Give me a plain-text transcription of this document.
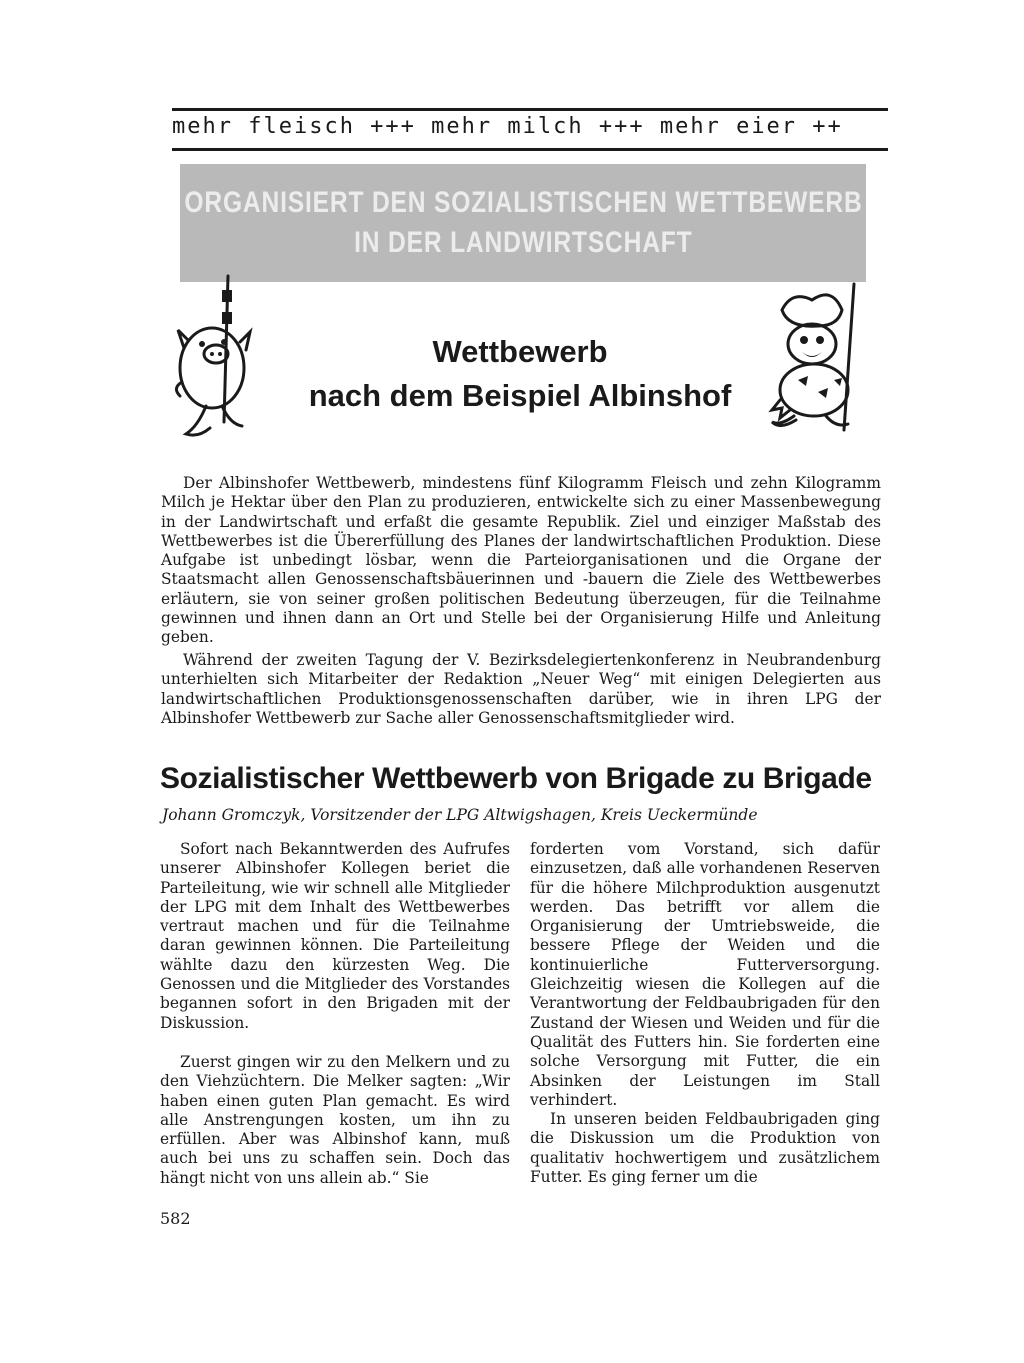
mehr fleisch +++ mehr milch +++ mehr eier ++
ORGANISIERT DEN SOZIALISTISCHEN WETTBEWERB
IN DER LANDWIRTSCHAFT
Wettbewerb
nach dem Beispiel Albinshof

Der Albinshofer Wettbewerb, mindestens fünf Kilogramm Fleisch und zehn Kilogramm Milch je Hektar über den Plan zu produzieren, entwickelte sich zu einer Massenbewegung in der Landwirtschaft und erfaßt die gesamte Republik. Ziel und einziger Maßstab des Wettbewerbes ist die Übererfüllung des Planes der landwirtschaftlichen Produktion. Diese Aufgabe ist unbedingt lösbar, wenn die Parteiorganisationen und die Organe der Staatsmacht allen Genossenschaftsbäuerinnen und -bauern die Ziele des Wettbewerbes erläutern, sie von seiner großen politischen Bedeutung überzeugen, für die Teilnahme gewinnen und ihnen dann an Ort und Stelle bei der Organisierung Hilfe und Anleitung geben.

Während der zweiten Tagung der V. Bezirksdelegiertenkonferenz in Neubrandenburg unterhielten sich Mitarbeiter der Redaktion „Neuer Weg“ mit einigen Delegierten aus landwirtschaftlichen Produktionsgenossenschaften darüber, wie in ihren LPG der Albinshofer Wettbewerb zur Sache aller Genossenschaftsmitglieder wird.

Sozialistischer Wettbewerb von Brigade zu Brigade

Johann Gromczyk, Vorsitzender der LPG Altwigshagen, Kreis Ueckermünde

Sofort nach Bekanntwerden des Aufrufes unserer Albinshofer Kollegen beriet die Parteileitung, wie wir schnell alle Mitglieder der LPG mit dem Inhalt des Wettbewerbes vertraut machen und für die Teilnahme daran gewinnen können. Die Parteileitung wählte dazu den kürzesten Weg. Die Genossen und die Mitglieder des Vorstandes begannen sofort in den Brigaden mit der Diskussion.

Zuerst gingen wir zu den Melkern und zu den Viehzüchtern. Die Melker sagten: „Wir haben einen guten Plan gemacht. Es wird alle Anstrengungen kosten, um ihn zu erfüllen. Aber was Albinshof kann, muß auch bei uns zu schaffen sein. Doch das hängt nicht von uns allein ab.“ Sie

forderten vom Vorstand, sich dafür einzusetzen, daß alle vorhandenen Reserven für die höhere Milchproduktion ausgenutzt werden. Das betrifft vor allem die Organisierung der Umtriebsweide, die bessere Pflege der Weiden und die kontinuierliche Futterversorgung. Gleichzeitig wiesen die Kollegen auf die Verantwortung der Feldbaubrigaden für den Zustand der Wiesen und Weiden und für die Qualität des Futters hin. Sie forderten eine solche Versorgung mit Futter, die ein Absinken der Leistungen im Stall verhindert.

In unseren beiden Feldbaubrigaden ging die Diskussion um die Produktion von qualitativ hochwertigem und zusätzlichem Futter. Es ging ferner um die

582
